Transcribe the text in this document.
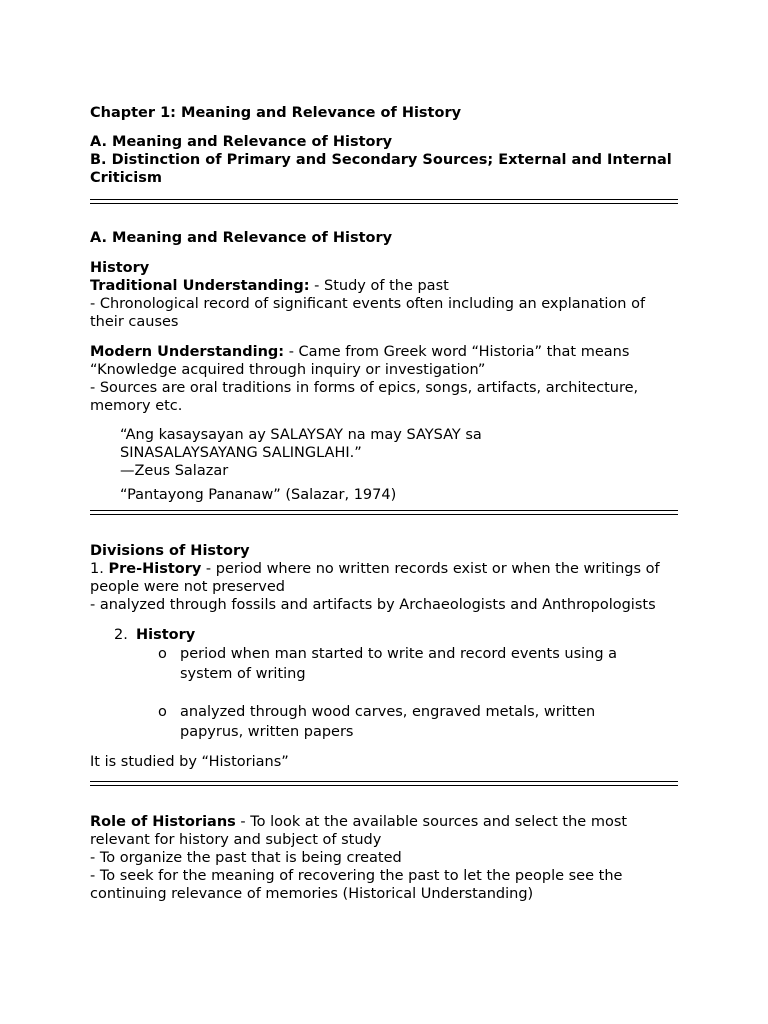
Chapter 1: Meaning and Relevance of History

A. Meaning and Relevance of History

B. Distinction of Primary and Secondary Sources; External and Internal Criticism

A. Meaning and Relevance of History

History

Traditional Understanding: - Study of the past

- Chronological record of significant events often including an explanation of their causes

Modern Understanding: - Came from Greek word “Historia” that means “Knowledge acquired through inquiry or investigation”

- Sources are oral traditions in forms of epics, songs, artifacts, architecture, memory etc.

“Ang kasaysayan ay SALAYSAY na may SAYSAY sa

SINASALAYSAYANG SALINGLAHI.”

—Zeus Salazar

“Pantayong Pananaw” (Salazar, 1974)

Divisions of History

1. Pre-History - period where no written records exist or when the writings of people were not preserved

- analyzed through fossils and artifacts by Archaeologists and Anthropologists

2. History
o period when man started to write and record events using a system of writing
o analyzed through wood carves, engraved metals, written papyrus, written papers

It is studied by “Historians”

Role of Historians - To look at the available sources and select the most relevant for history and subject of study

- To organize the past that is being created

- To seek for the meaning of recovering the past to let the people see the continuing relevance of memories (Historical Understanding)
